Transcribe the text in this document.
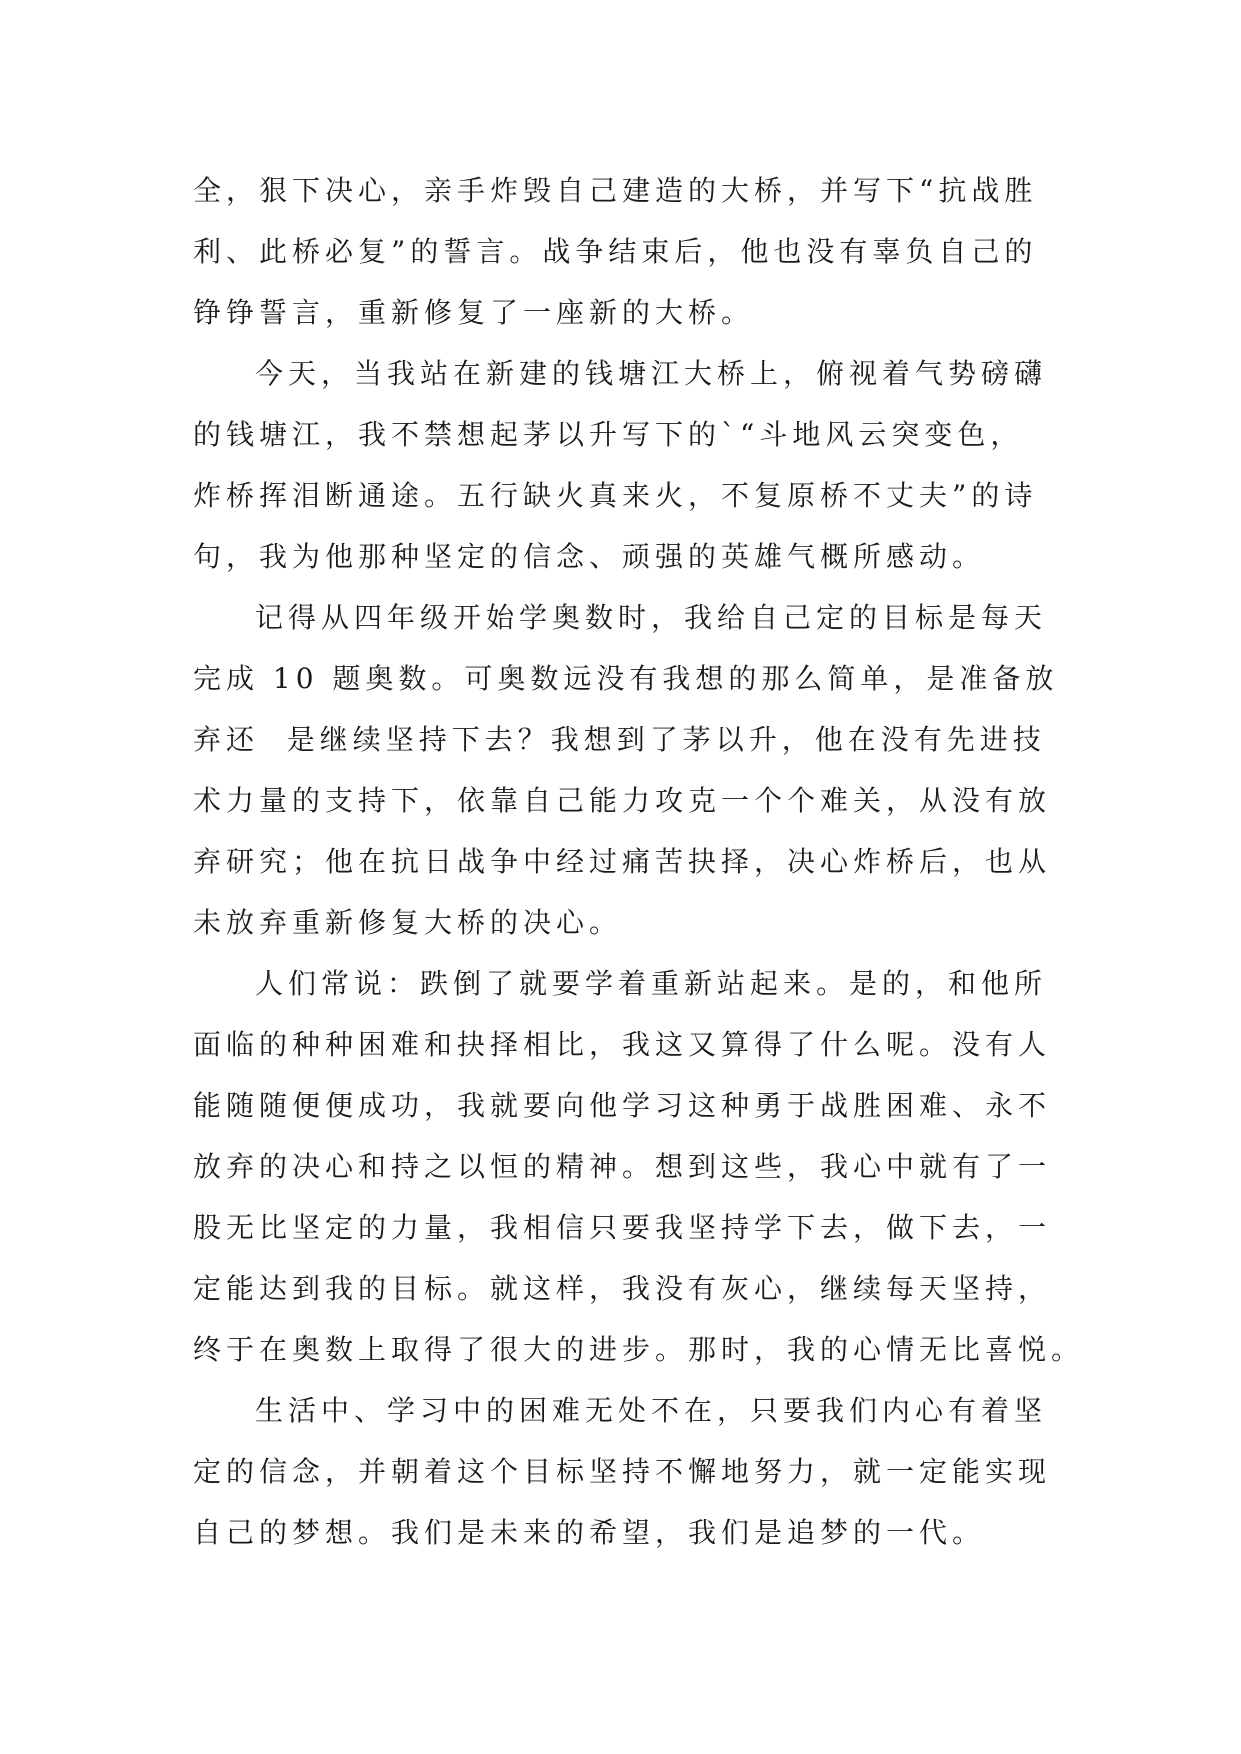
全，狠下决心，亲手炸毁自己建造的大桥，并写下“抗战胜
利、此桥必复”的誓言。战争结束后，他也没有辜负自己的
铮铮誓言，重新修复了一座新的大桥。
今天，当我站在新建的钱塘江大桥上，俯视着气势磅礴
的钱塘江，我不禁想起茅以升写下的`“斗地风云突变色，
炸桥挥泪断通途。五行缺火真来火，不复原桥不丈夫”的诗
句，我为他那种坚定的信念、顽强的英雄气概所感动。
记得从四年级开始学奥数时，我给自己定的目标是每天
完成 10 题奥数。可奥数远没有我想的那么简单，是准备放
弃还  是继续坚持下去？我想到了茅以升，他在没有先进技
术力量的支持下，依靠自己能力攻克一个个难关，从没有放
弃研究；他在抗日战争中经过痛苦抉择，决心炸桥后，也从
未放弃重新修复大桥的决心。
人们常说：跌倒了就要学着重新站起来。是的，和他所
面临的种种困难和抉择相比，我这又算得了什么呢。没有人
能随随便便成功，我就要向他学习这种勇于战胜困难、永不
放弃的决心和持之以恒的精神。想到这些，我心中就有了一
股无比坚定的力量，我相信只要我坚持学下去，做下去，一
定能达到我的目标。就这样，我没有灰心，继续每天坚持，
终于在奥数上取得了很大的进步。那时，我的心情无比喜悦。
生活中、学习中的困难无处不在，只要我们内心有着坚
定的信念，并朝着这个目标坚持不懈地努力，就一定能实现
自己的梦想。我们是未来的希望，我们是追梦的一代。
